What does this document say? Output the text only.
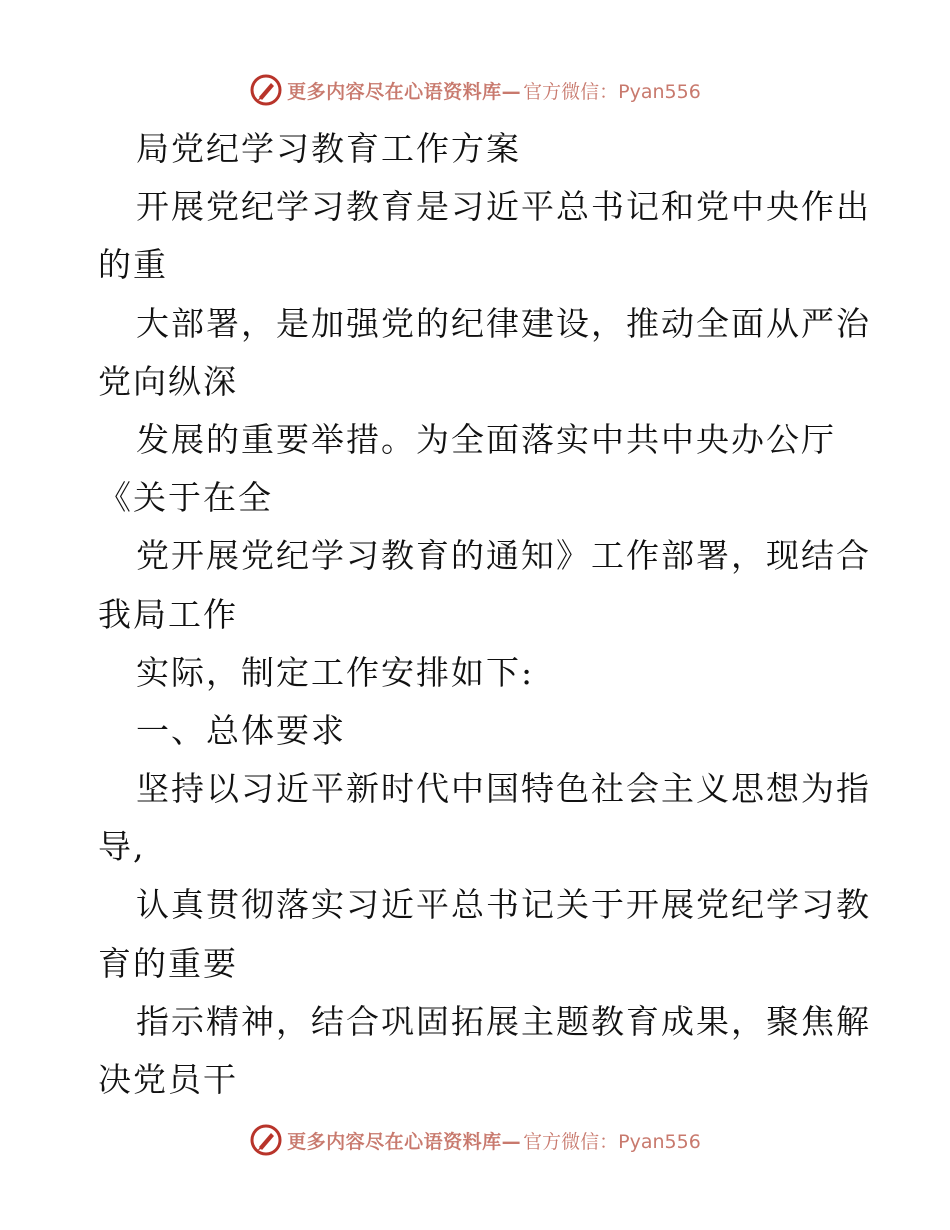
更多内容尽在心语资料库— 官方微信：Pyan556
局党纪学习教育工作方案
开展党纪学习教育是习近平总书记和党中央作出
的重
大部署，是加强党的纪律建设，推动全面从严治
党向纵深
发展的重要举措。为全面落实中共中央办公厅
《关于在全
党开展党纪学习教育的通知》工作部署，现结合
我局工作
实际，制定工作安排如下:
一、总体要求
坚持以习近平新时代中国特色社会主义思想为指
导,
认真贯彻落实习近平总书记关于开展党纪学习教
育的重要
指示精神，结合巩固拓展主题教育成果，聚焦解
决党员干
更多内容尽在心语资料库— 官方微信：Pyan556
